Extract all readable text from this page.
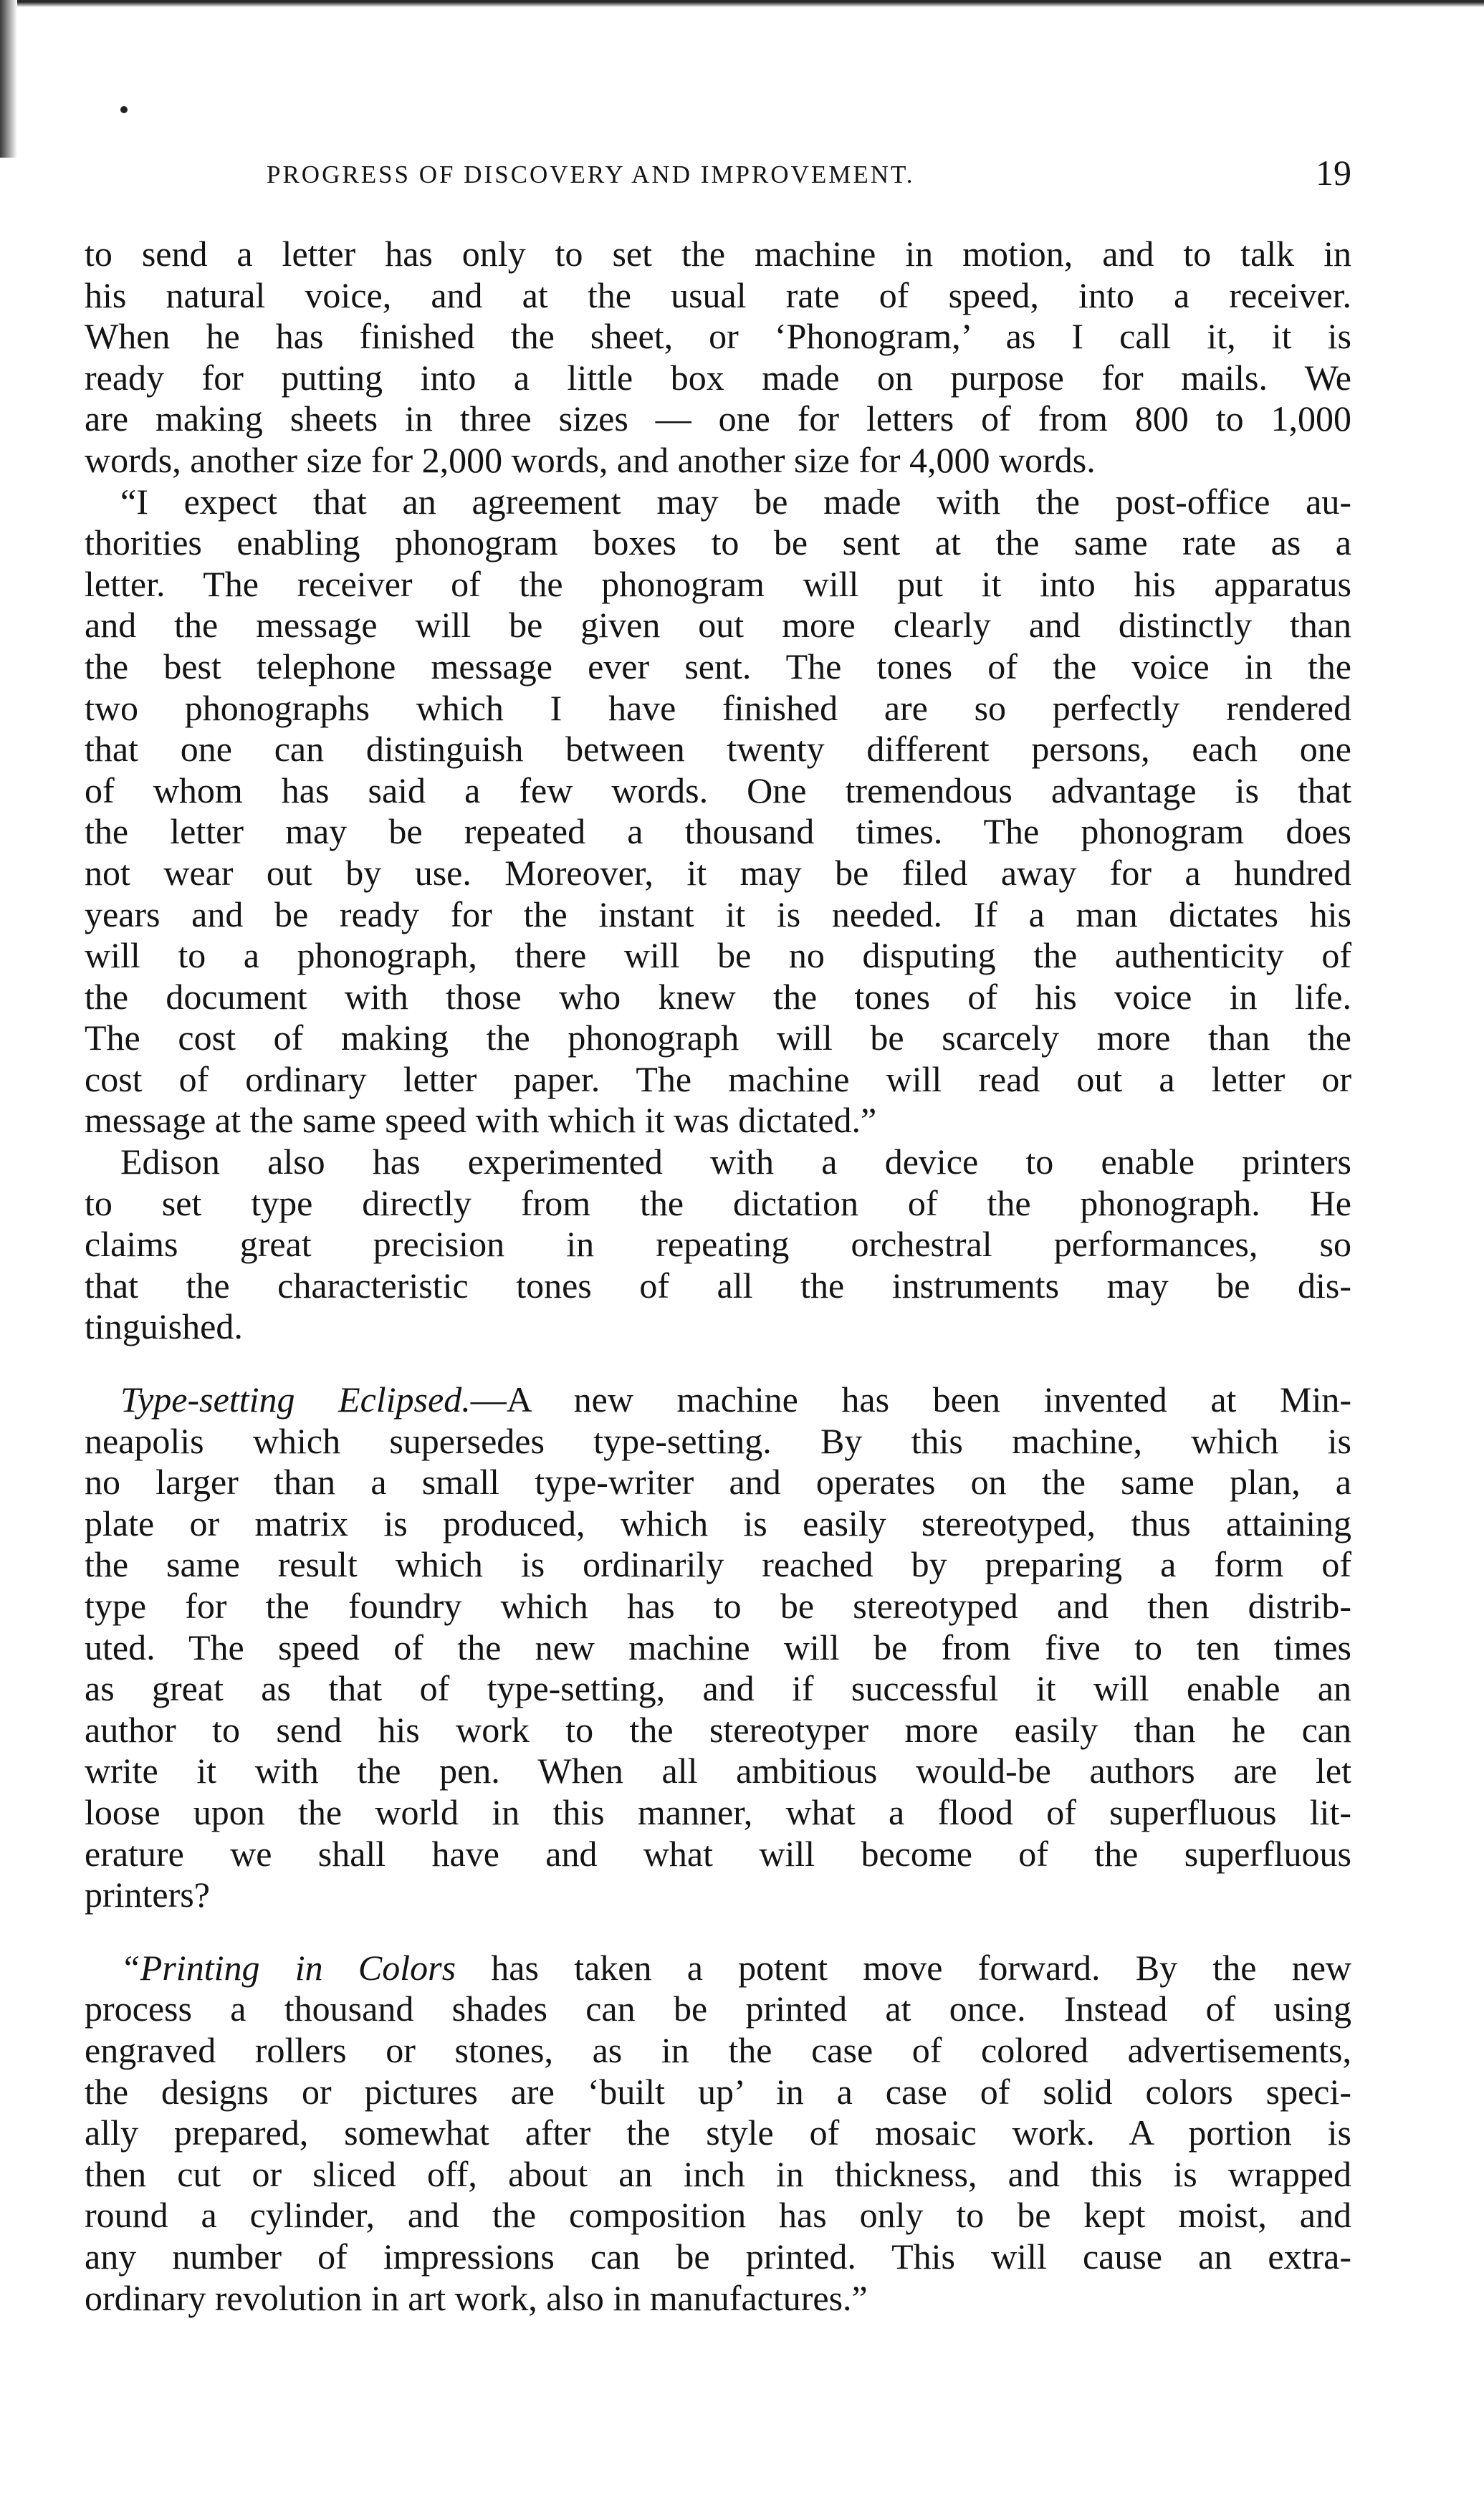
PROGRESS OF DISCOVERY AND IMPROVEMENT.	19

to send a letter has only to set the machine in motion, and to talk in
his natural voice, and at the usual rate of speed, into a receiver.
When he has finished the sheet, or ‘Phonogram,’ as I call it, it is
ready for putting into a little box made on purpose for mails. We
are making sheets in three sizes — one for letters of from 800 to 1,000
words, another size for 2,000 words, and another size for 4,000 words.

“I expect that an agreement may be made with the post-office au-
thorities enabling phonogram boxes to be sent at the same rate as a
letter. The receiver of the phonogram will put it into his apparatus
and the message will be given out more clearly and distinctly than
the best telephone message ever sent. The tones of the voice in the
two phonographs which I have finished are so perfectly rendered
that one can distinguish between twenty different persons, each one
of whom has said a few words. One tremendous advantage is that
the letter may be repeated a thousand times. The phonogram does
not wear out by use. Moreover, it may be filed away for a hundred
years and be ready for the instant it is needed. If a man dictates his
will to a phonograph, there will be no disputing the authenticity of
the document with those who knew the tones of his voice in life.
The cost of making the phonograph will be scarcely more than the
cost of ordinary letter paper. The machine will read out a letter or
message at the same speed with which it was dictated.”

Edison also has experimented with a device to enable printers
to set type directly from the dictation of the phonograph. He
claims great precision in repeating orchestral performances, so
that the characteristic tones of all the instruments may be dis-
tinguished.

Type-setting Eclipsed.—A new machine has been invented at Min-
neapolis which supersedes type-setting. By this machine, which is
no larger than a small type-writer and operates on the same plan, a
plate or matrix is produced, which is easily stereotyped, thus attaining
the same result which is ordinarily reached by preparing a form of
type for the foundry which has to be stereotyped and then distrib-
uted. The speed of the new machine will be from five to ten times
as great as that of type-setting, and if successful it will enable an
author to send his work to the stereotyper more easily than he can
write it with the pen. When all ambitious would-be authors are let
loose upon the world in this manner, what a flood of superfluous lit-
erature we shall have and what will become of the superfluous
printers?

“Printing in Colors has taken a potent move forward. By the new
process a thousand shades can be printed at once. Instead of using
engraved rollers or stones, as in the case of colored advertisements,
the designs or pictures are ‘built up’ in a case of solid colors speci-
ally prepared, somewhat after the style of mosaic work. A portion is
then cut or sliced off, about an inch in thickness, and this is wrapped
round a cylinder, and the composition has only to be kept moist, and
any number of impressions can be printed. This will cause an extra-
ordinary revolution in art work, also in manufactures.”
